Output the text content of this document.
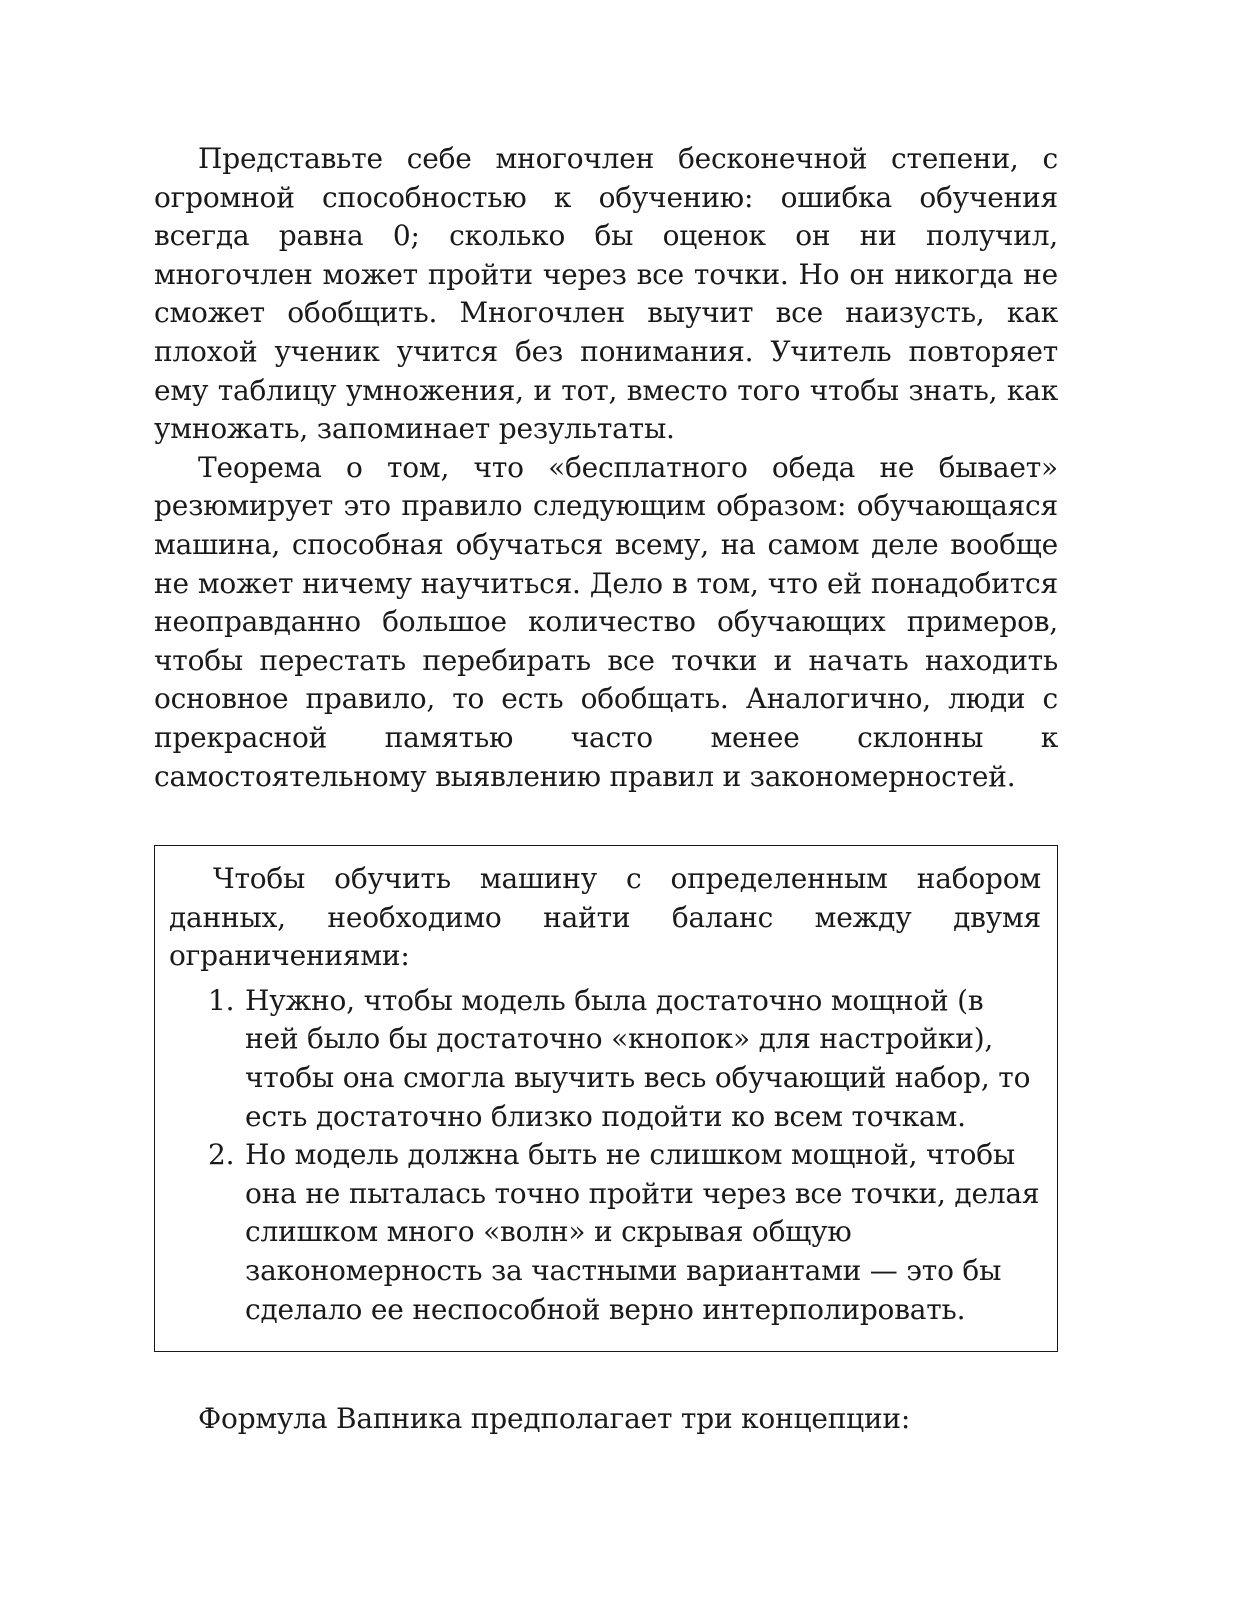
Представьте себе многочлен бесконечной степени, с огромной способностью к обучению: ошибка обучения всегда равна 0; сколько бы оценок он ни получил, многочлен может пройти через все точки. Но он никогда не сможет обобщить. Многочлен выучит все наизусть, как плохой ученик учится без понимания. Учитель повторяет ему таблицу умножения, и тот, вместо того чтобы знать, как умножать, запоминает результаты.

Теорема о том, что «бесплатного обеда не бывает» резюмирует это правило следующим образом: обучающаяся машина, способная обучаться всему, на самом деле вообще не может ничему научиться. Дело в том, что ей понадобится неоправданно большое количество обучающих примеров, чтобы перестать перебирать все точки и начать находить основное правило, то есть обобщать. Аналогично, люди с прекрасной памятью часто менее склонны к самостоятельному выявлению правил и закономерностей.

Чтобы обучить машину с определенным набором данных, необходимо найти баланс между двумя ограничениями:

1. Нужно, чтобы модель была достаточно мощной (в ней было бы достаточно «кнопок» для настройки), чтобы она смогла выучить весь обучающий набор, то есть достаточно близко подойти ко всем точкам.
2. Но модель должна быть не слишком мощной, чтобы она не пыталась точно пройти через все точки, делая слишком много «волн» и скрывая общую закономерность за частными вариантами — это бы сделало ее неспособной верно интерполировать.

Формула Вапника предполагает три концепции:
